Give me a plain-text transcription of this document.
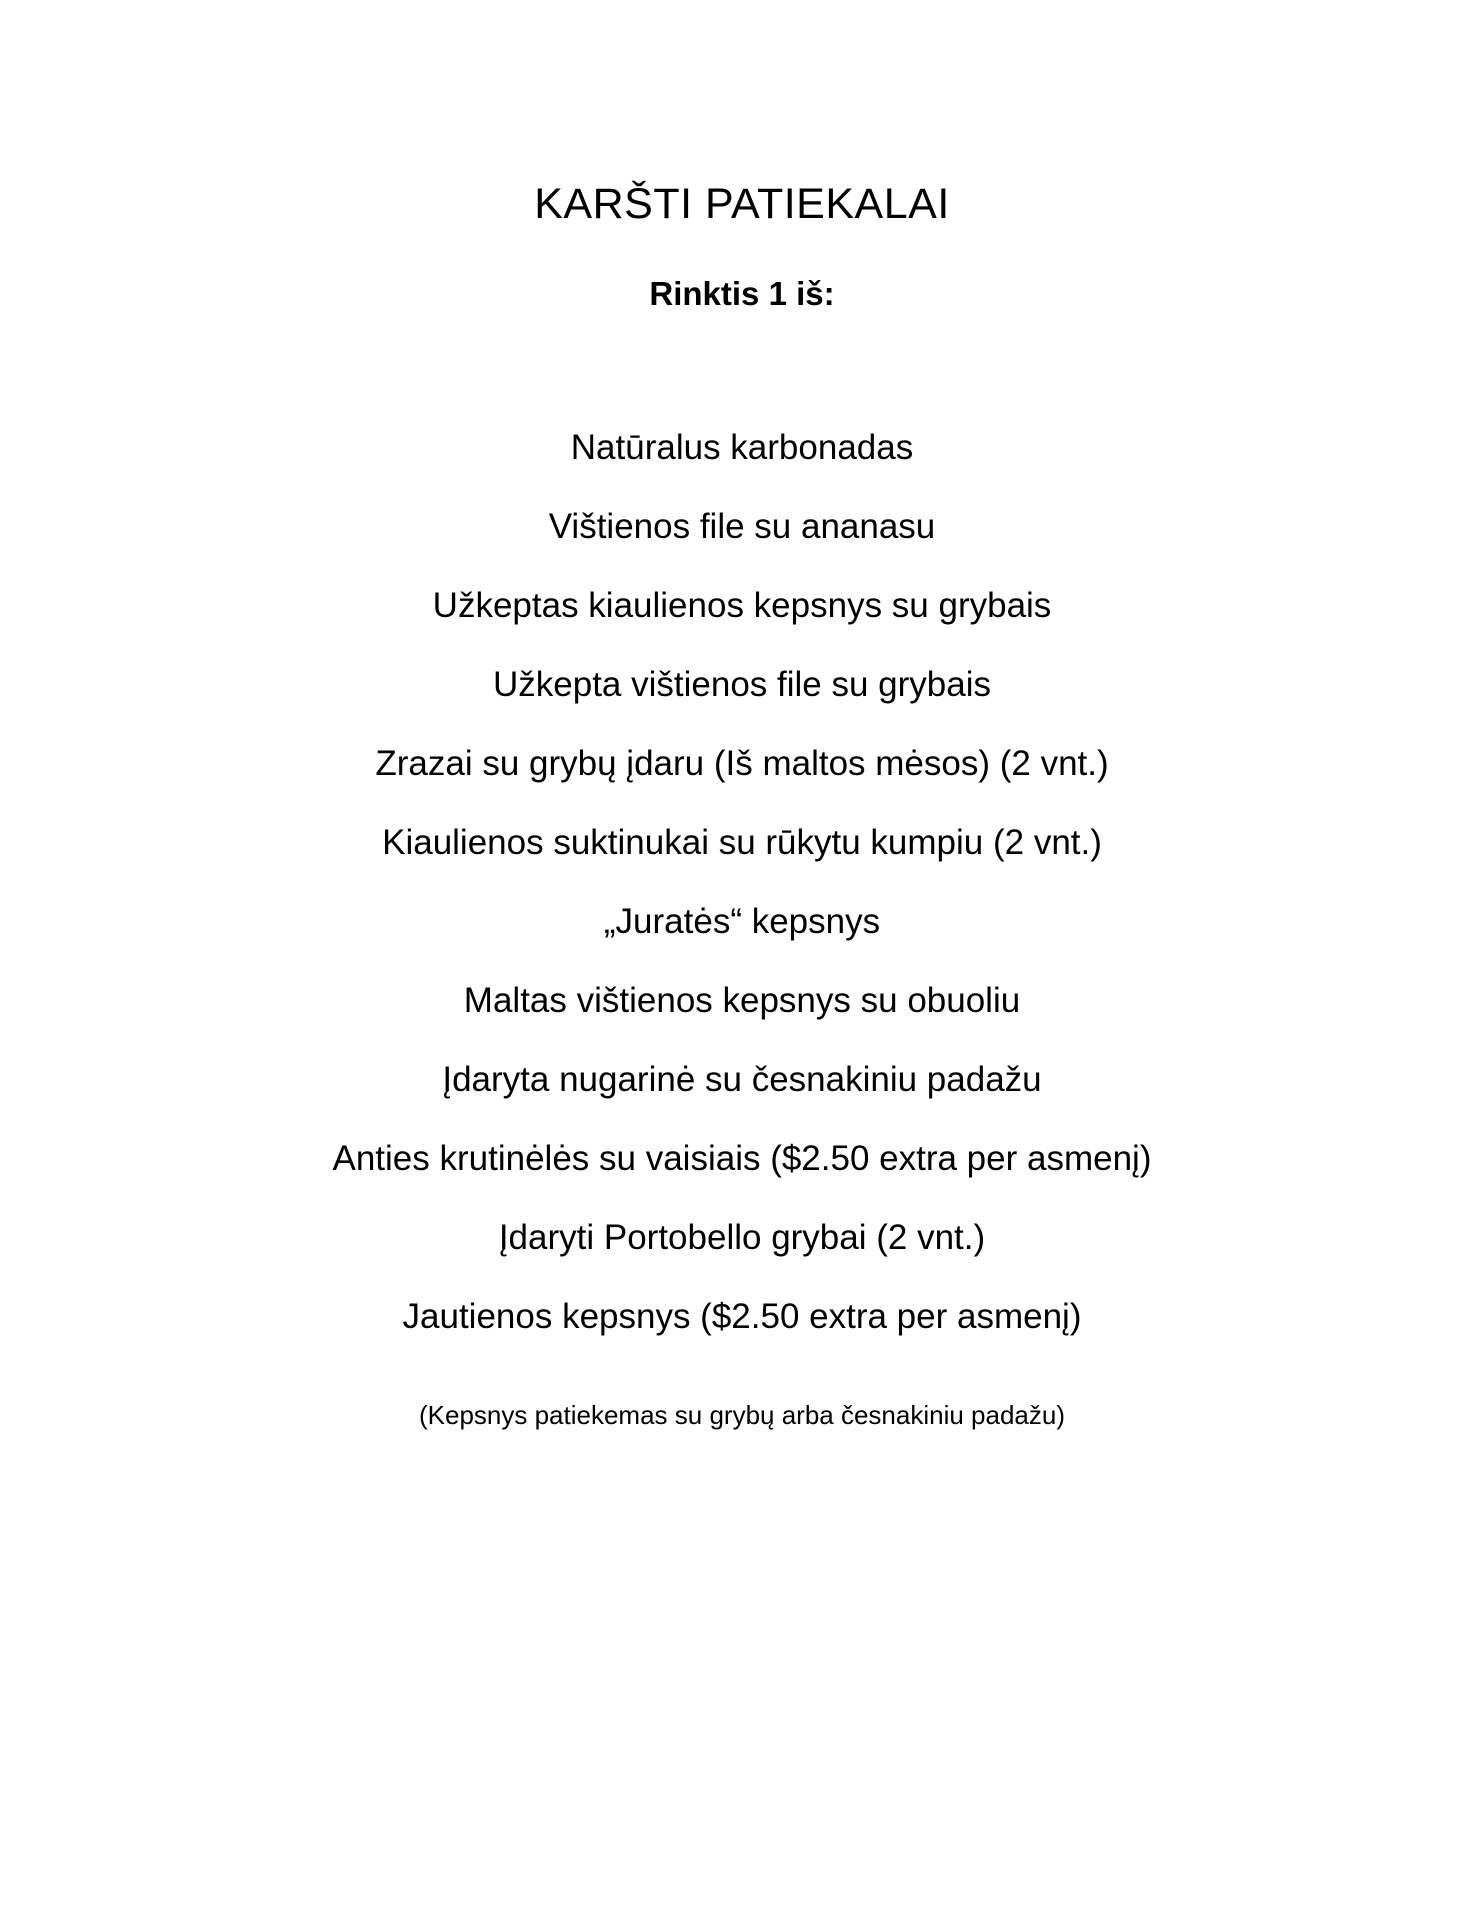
KARŠTI PATIEKALAI
Rinktis 1 iš:
Natūralus karbonadas
Vištienos file su ananasu
Užkeptas kiaulienos kepsnys su grybais
Užkepta vištienos file su grybais
Zrazai su grybų įdaru (Iš maltos mėsos) (2 vnt.)
Kiaulienos suktinukai su rūkytu kumpiu (2 vnt.)
„Juratės“ kepsnys
Maltas vištienos kepsnys su obuoliu
Įdaryta nugarinė su česnakiniu padažu
Anties krutinėlės su vaisiais ($2.50 extra per asmenį)
Įdaryti Portobello grybai (2 vnt.)
Jautienos kepsnys ($2.50 extra per asmenį)

(Kepsnys patiekemas su grybų arba česnakiniu padažu)
